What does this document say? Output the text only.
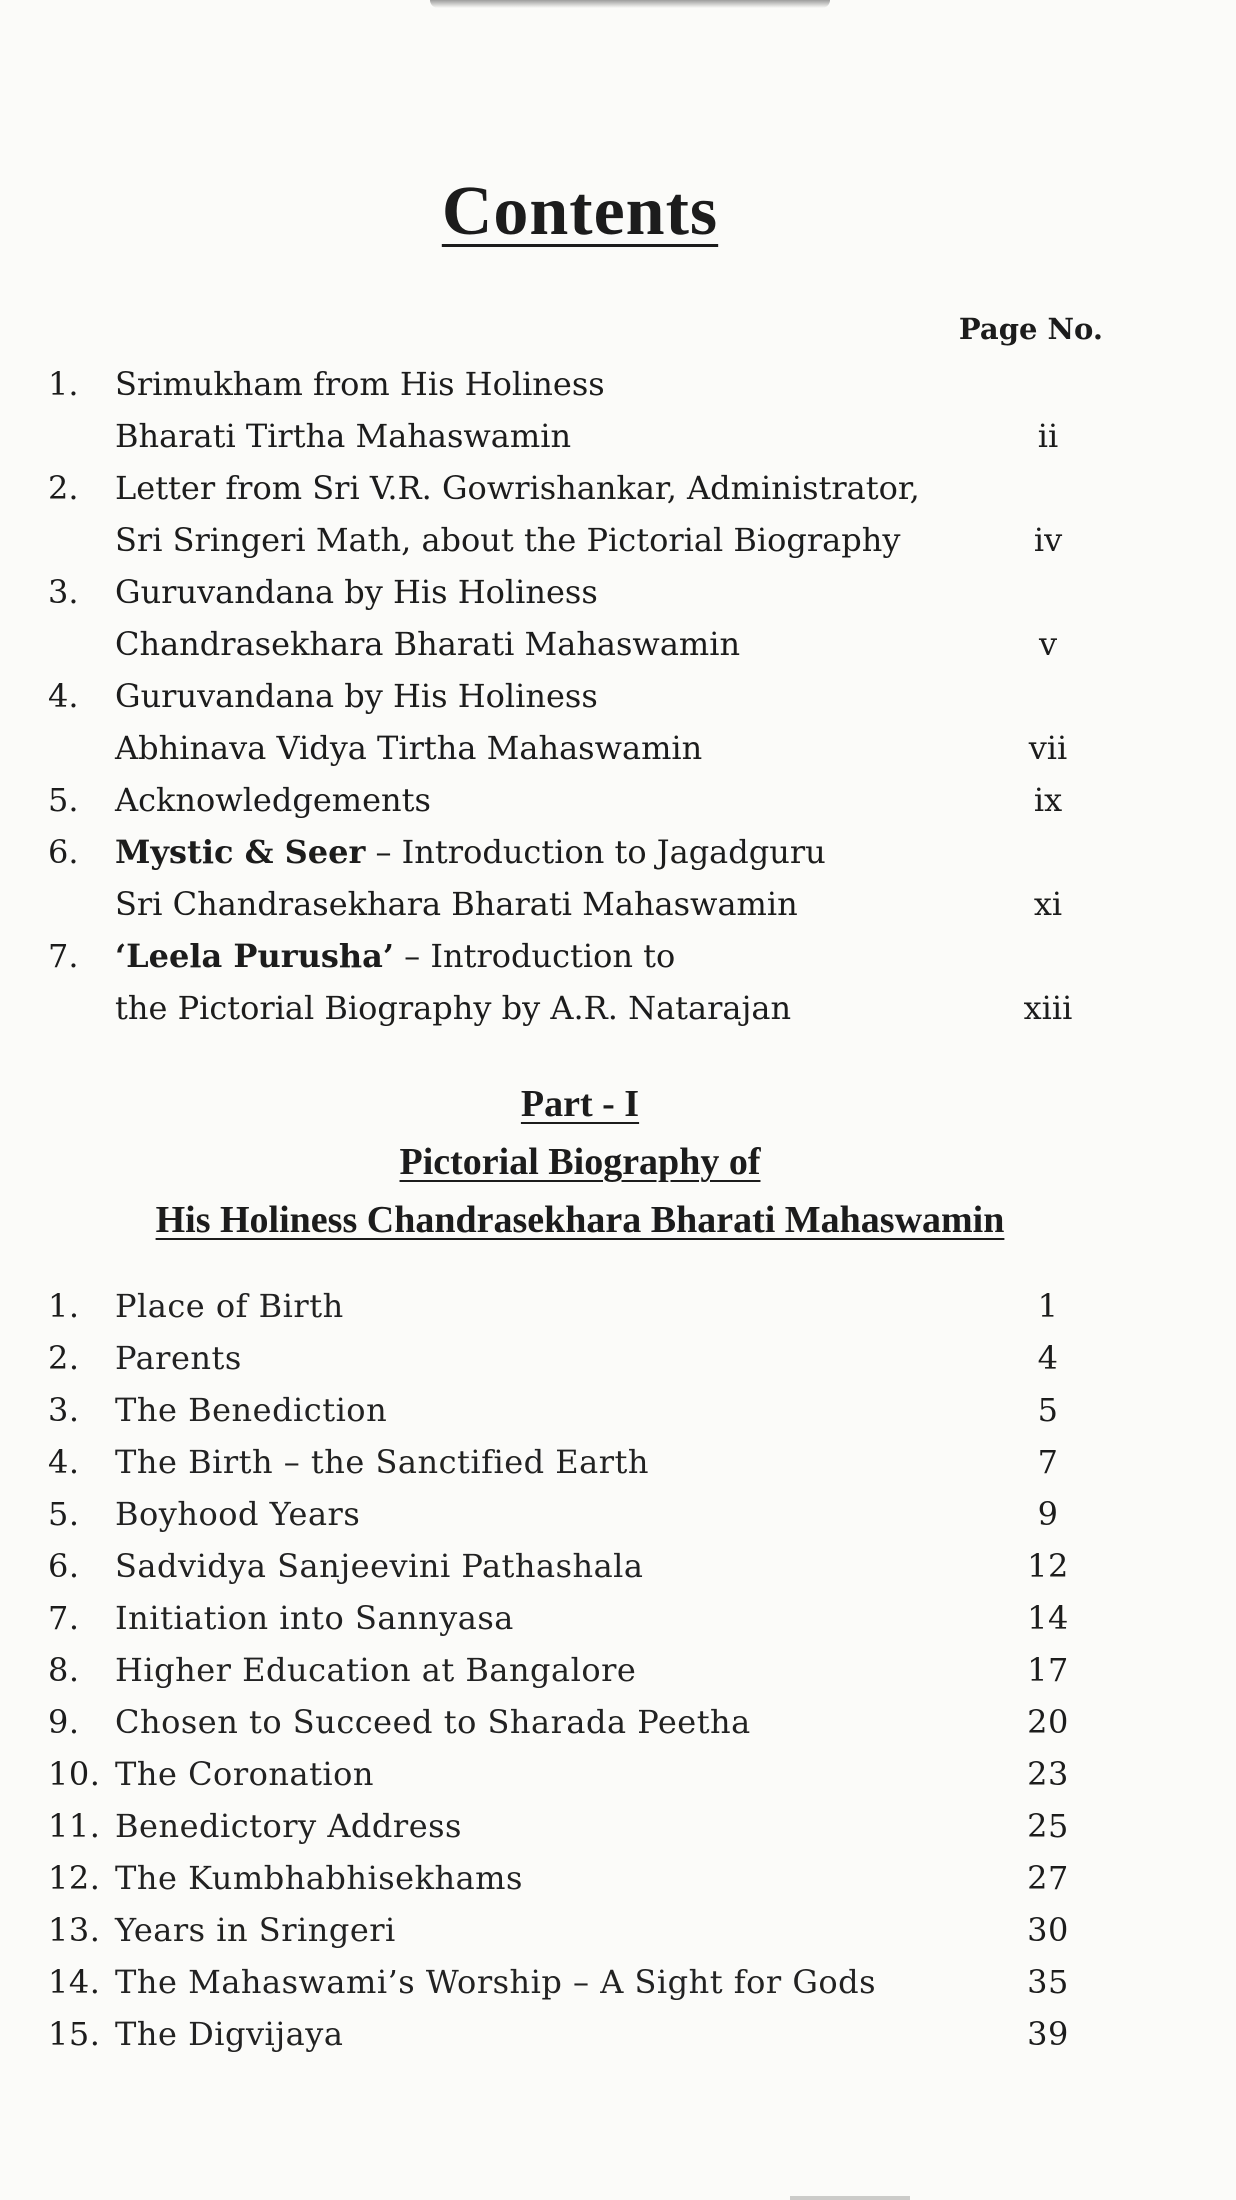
Contents
Page No.
1. Srimukham from His Holiness
Bharati Tirtha Mahaswamin	ii
2. Letter from Sri V.R. Gowrishankar, Administrator,
Sri Sringeri Math, about the Pictorial Biography	iv
3. Guruvandana by His Holiness
Chandrasekhara Bharati Mahaswamin	v
4. Guruvandana by His Holiness
Abhinava Vidya Tirtha Mahaswamin	vii
5. Acknowledgements	ix
6. Mystic & Seer – Introduction to Jagadguru
Sri Chandrasekhara Bharati Mahaswamin	xi
7. ‘Leela Purusha’ – Introduction to
the Pictorial Biography by A.R. Natarajan	xiii
Part - I
Pictorial Biography of
His Holiness Chandrasekhara Bharati Mahaswamin
1. Place of Birth	1
2. Parents	4
3. The Benediction	5
4. The Birth – the Sanctified Earth	7
5. Boyhood Years	9
6. Sadvidya Sanjeevini Pathashala	12
7. Initiation into Sannyasa	14
8. Higher Education at Bangalore	17
9. Chosen to Succeed to Sharada Peetha	20
10. The Coronation	23
11. Benedictory Address	25
12. The Kumbhabhisekhams	27
13. Years in Sringeri	30
14. The Mahaswami’s Worship – A Sight for Gods	35
15. The Digvijaya	39
